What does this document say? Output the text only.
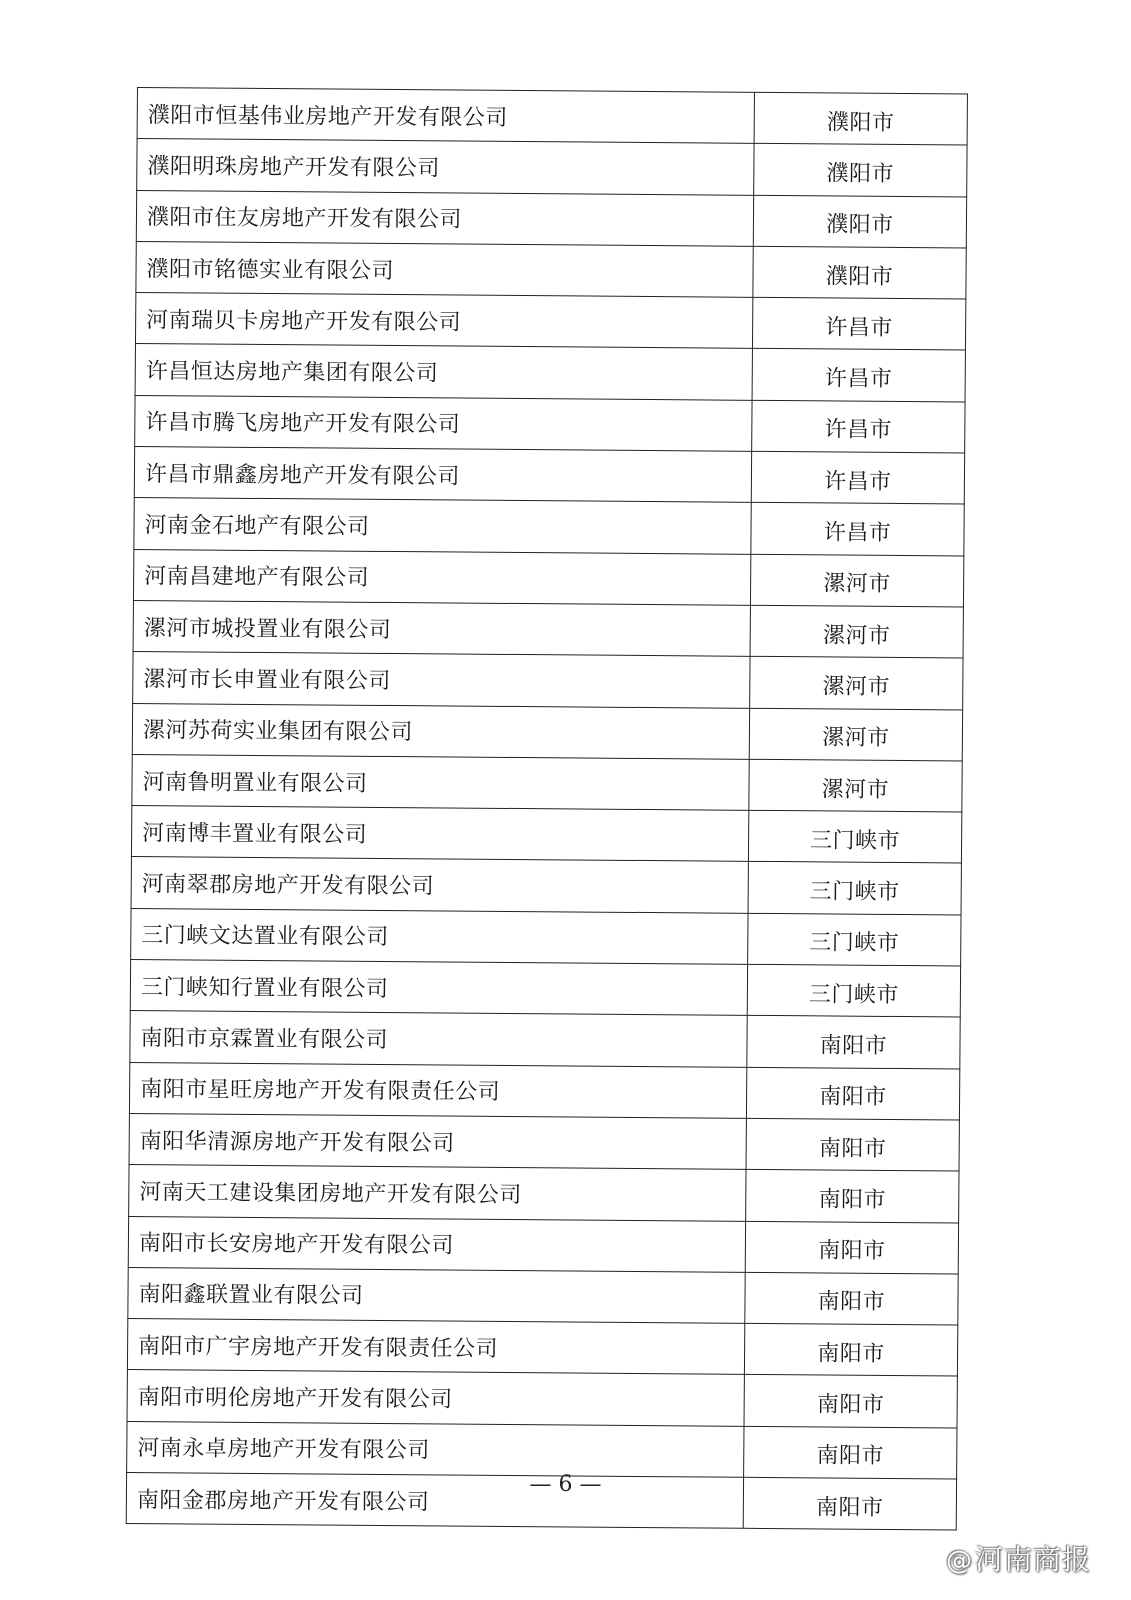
濮阳市恒基伟业房地产开发有限公司	濮阳市
濮阳明珠房地产开发有限公司	濮阳市
濮阳市住友房地产开发有限公司	濮阳市
濮阳市铭德实业有限公司	濮阳市
河南瑞贝卡房地产开发有限公司	许昌市
许昌恒达房地产集团有限公司	许昌市
许昌市腾飞房地产开发有限公司	许昌市
许昌市鼎鑫房地产开发有限公司	许昌市
河南金石地产有限公司	许昌市
河南昌建地产有限公司	漯河市
漯河市城投置业有限公司	漯河市
漯河市长申置业有限公司	漯河市
漯河苏荷实业集团有限公司	漯河市
河南鲁明置业有限公司	漯河市
河南博丰置业有限公司	三门峡市
河南翠郡房地产开发有限公司	三门峡市
三门峡文达置业有限公司	三门峡市
三门峡知行置业有限公司	三门峡市
南阳市京霖置业有限公司	南阳市
南阳市星旺房地产开发有限责任公司	南阳市
南阳华清源房地产开发有限公司	南阳市
河南天工建设集团房地产开发有限公司	南阳市
南阳市长安房地产开发有限公司	南阳市
南阳鑫联置业有限公司	南阳市
南阳市广宇房地产开发有限责任公司	南阳市
南阳市明伦房地产开发有限公司	南阳市
河南永卓房地产开发有限公司	南阳市
南阳金郡房地产开发有限公司	南阳市
— 6 —
@河南商报
